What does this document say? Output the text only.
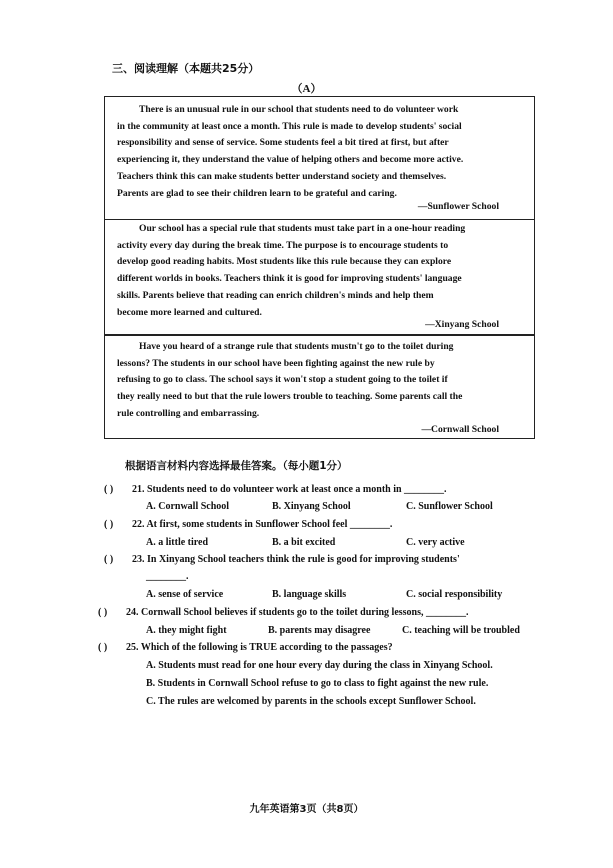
三、阅读理解（本题共25分）
（A）
There is an unusual rule in our school that students need to do volunteer work
in the community at least once a month. This rule is made to develop students' social
responsibility and sense of service. Some students feel a bit tired at first, but after
experiencing it, they understand the value of helping others and become more active.
Teachers think this can make students better understand society and themselves.
Parents are glad to see their children learn to be grateful and caring.
—Sunflower School
Our school has a special rule that students must take part in a one-hour reading
activity every day during the break time. The purpose is to encourage students to
develop good reading habits. Most students like this rule because they can explore
different worlds in books. Teachers think it is good for improving students' language
skills. Parents believe that reading can enrich children's minds and help them
become more learned and cultured.
—Xinyang School
Have you heard of a strange rule that students mustn't go to the toilet during
lessons? The students in our school have been fighting against the new rule by
refusing to go to class. The school says it won't stop a student going to the toilet if
they really need to but that the rule lowers trouble to teaching. Some parents call the
rule controlling and embarrassing.
—Cornwall School
根据语言材料内容选择最佳答案。（每小题1分）
( ) 21. Students need to do volunteer work at least once a month in ________.
A. Cornwall School	B. Xinyang School	C. Sunflower School
( ) 22. At first, some students in Sunflower School feel ________.
A. a little tired	B. a bit excited	C. very active
( ) 23. In Xinyang School teachers think the rule is good for improving students'
________.
A. sense of service	B. language skills	C. social responsibility
( ) 24. Cornwall School believes if students go to the toilet during lessons, ________.
A. they might fight	B. parents may disagree	C. teaching will be troubled
( ) 25. Which of the following is TRUE according to the passages?
A. Students must read for one hour every day during the class in Xinyang School.
B. Students in Cornwall School refuse to go to class to fight against the new rule.
C. The rules are welcomed by parents in the schools except Sunflower School.
九年英语第3页（共8页）
